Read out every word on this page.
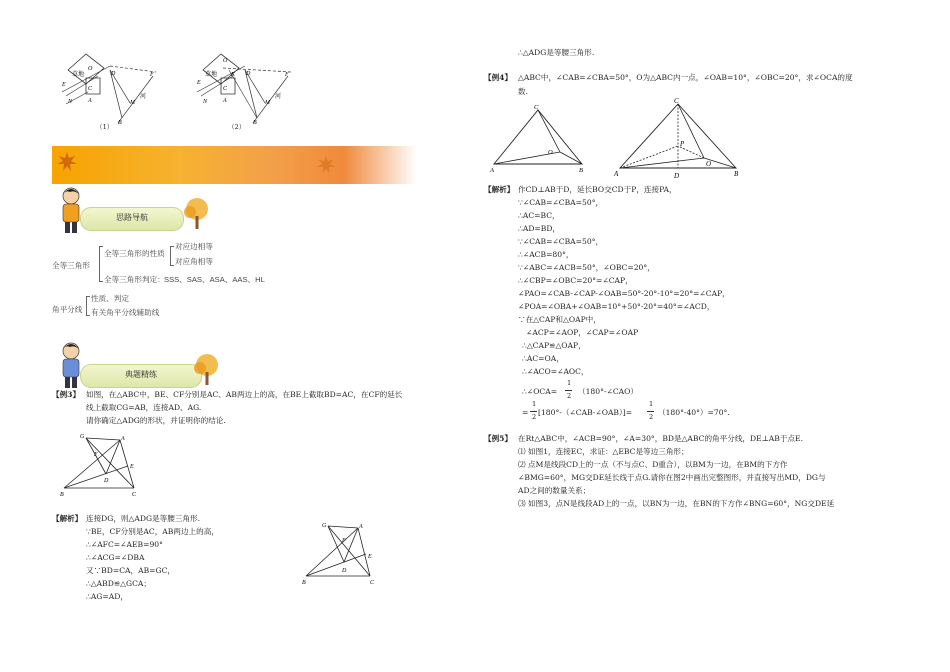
草地
O
D	F
E
C
A
N	M
河
B
（1）
草地
O
K D	F
E
C
A
N	M
河
B
（2）
思路导航
全等三角形
全等三角形的性质
对应边相等
对应角相等
全等三角形判定： SSS、SAS、ASA、AAS、HL
角平分线
性质、判定
有关角平分线辅助线
典题精练
【例3】 如图，在△ABC中，BE、CF分别是AC、AB两边上的高，在BE上截取BD=AC，在CF的延长
线上截取CG=AB，连接AD、AG.
请你确定△ADG的形状，并证明你的结论.
G	A
F
E
D
B	C
【解析】 连接DG，则△ADG是等腰三角形.
∵BE，CF分别是AC，AB两边上的高，
∴∠AFC=∠AEB=90°
∴∠ACG=∠DBA
又∵BD=CA，AB=GC，
∴△ABD≌△GCA；
∴AG=AD，
G	A
F
E
D
B	C
∴△ADG是等腰三角形.
【例4】 △ABC中，∠CAB=∠CBA=50°，O为△ABC内一点，∠OAB=10°，∠OBC=20°，求∠OCA的度
数.
C
O
A	B
C
P
O
A	D	B
【解析】 作CD⊥AB于D，延长BO交CD于P，连接PA，
∵∠CAB=∠CBA=50°，
∴AC=BC，
∴AD=BD，
∵∠CAB=∠CBA=50°，
∴∠ACB=80°，
∵∠ABC=∠ACB=50°，∠OBC=20°，
∴∠CBP=∠OBC=20°=∠CAP，
∠PAO=∠CAB-∠CAP-∠OAB=50°-20°-10°=20°=∠CAP，
∠POA=∠OBA+∠OAB=10°+50°-20°=40°=∠ACD，
∵在△CAP和△OAP中，
∠ACP=∠AOP，∠CAP=∠OAP
∴△CAP≌△OAP，
∴AC=OA，
∴∠ACO=∠AOC，
∴∠OCA=
1
2 （180°-∠CAO）
1
2
= [180°-（∠CAB-∠OAB）]=
1
2 （180°-40°）=70°.
【例5】 在Rt△ABC中，∠ACB=90°，∠A=30°，BD是△ABC的角平分线，DE⊥AB于点E.
⑴ 如图1，连接EC，求证：△EBC是等边三角形；
⑵ 点M是线段CD上的一点（不与点C、D重合），以BM为一边，在BM的下方作
∠BMG=60°，MG交DE延长线于点G.请你在图2中画出完整图形，并直接写出MD，DG与
AD之间的数量关系；
⑶ 如图3，点N是线段AD上的一点，以BN为一边，在BN的下方作∠BNG=60°，NG交DE延
